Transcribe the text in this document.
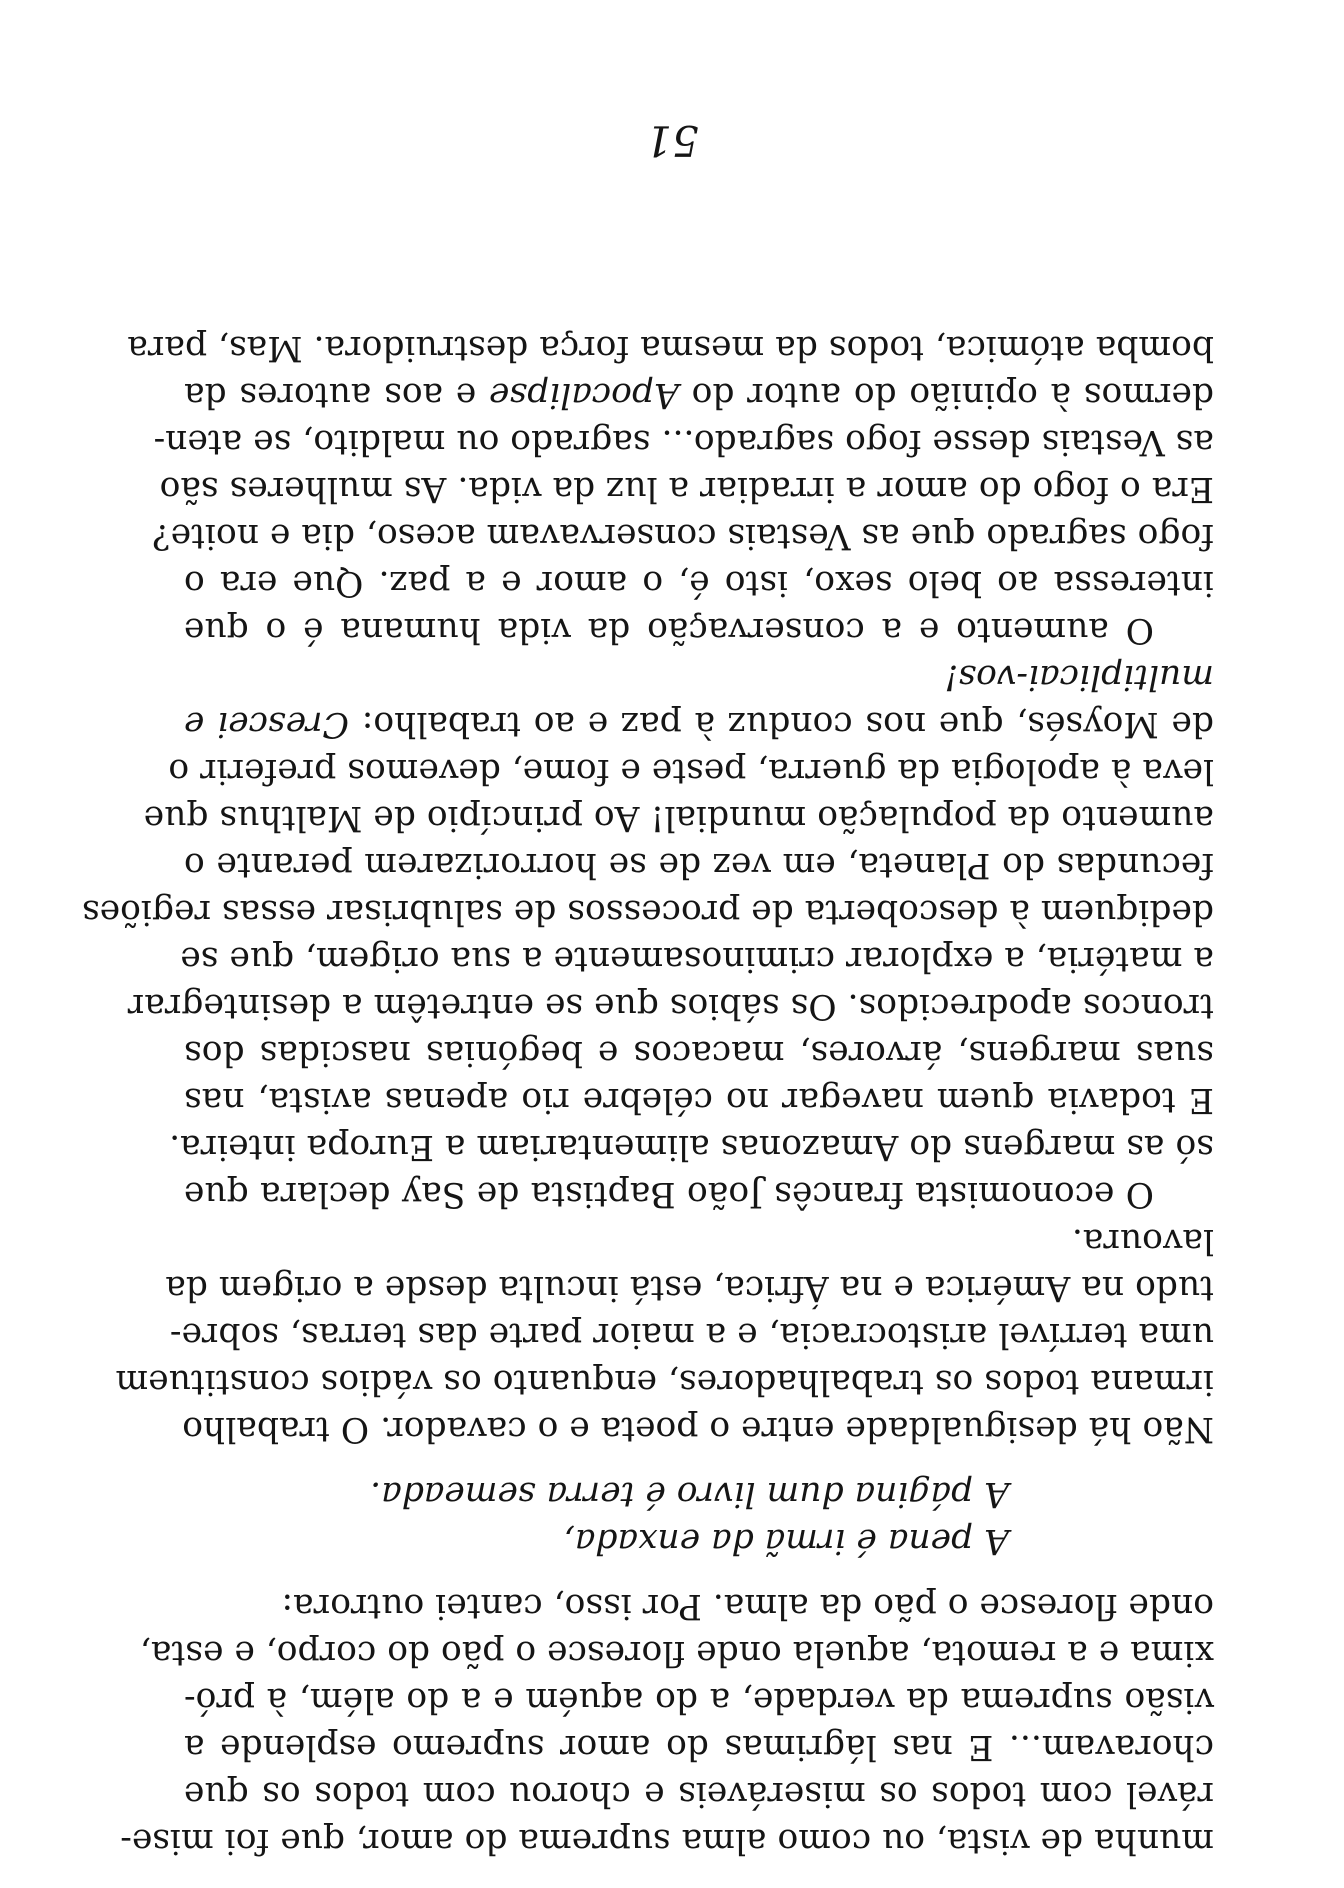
munha de vista, ou como alma suprema do amor, que foi mise-
rável com todos os miseráveis e chorou com todos os que
choravam... E nas lágrimas do amor supremo esplende a
visão suprema da verdade, a do aquém e a do além, à pró-
xima e a remota, aquela onde floresce o pão do corpo, e esta,
onde floresce o pão da alma. Por isso, cantei outrora:
A pena é irmã da enxada,
A página dum livro é terra semeada.
Não há desigualdade entre o poeta e o cavador. O trabalho
irmana todos os trabalhadores, enquanto os vádios constituem
uma terrível aristocracia, e a maior parte das terras, sobre-
tudo na América e na África, está inculta desde a origem da
lavoura.
O economista francês João Baptista de Say declara que
só as margens do Amazonas alimentariam a Europa inteira.
E todavia quem navegar no célebre rio apenas avista, nas
suas margens, árvores, macacos e begónias nascidas dos
troncos apodrecidos. Os sábios que se entretêm a desintegrar
a matéria, a explorar criminosamente a sua origem, que se
dediquem à descoberta de processos de salubrisar essas regiões
fecundas do Planeta, em vez de se horrorizarem perante o
aumento da população mundial! Ao princípio de Malthus que
leva à apologia da guerra, peste e fome, devemos preferir o
de Moysés, que nos conduz à paz e ao trabalho: Crescei e
multiplicai-vos!
O aumento e a conservação da vida humana é o que
interessa ao belo sexo, isto é, o amor e a paz. Que era o
fogo sagrado que as Vestais conservavam aceso, dia e noite?
Era o fogo do amor a irradiar a luz da vida. As mulheres são
as Vestais desse fogo sagrado... sagrado ou maldito, se aten-
dermos à opinião do autor do Apocalipse e aos autores da
bomba atómica, todos da mesma força destruidora. Mas, para
51
